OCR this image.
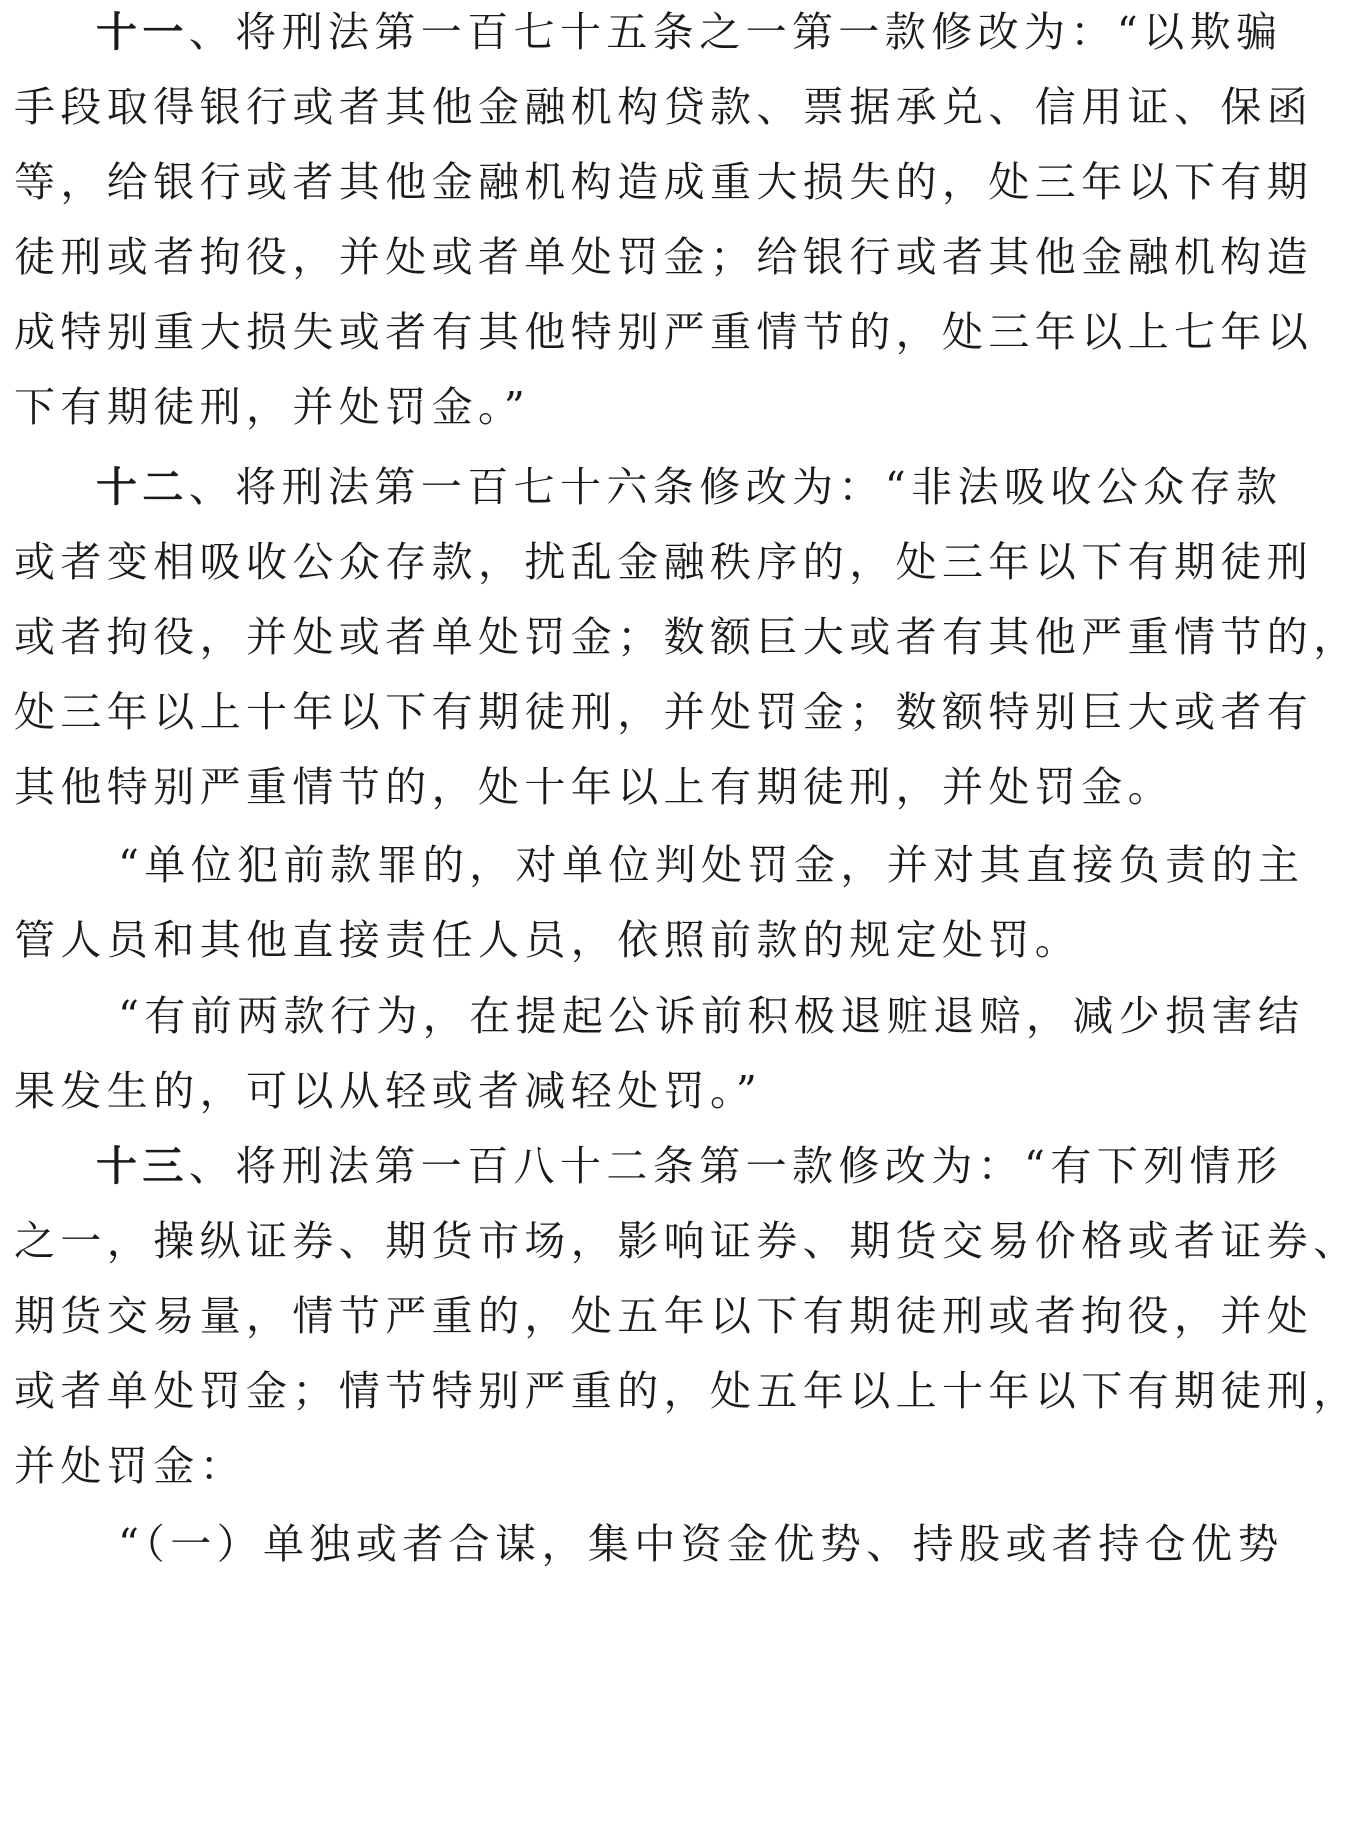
十一、将刑法第一百七十五条之一第一款修改为：“以欺骗
手段取得银行或者其他金融机构贷款、票据承兑、信用证、保函
等，给银行或者其他金融机构造成重大损失的，处三年以下有期
徒刑或者拘役，并处或者单处罚金；给银行或者其他金融机构造
成特别重大损失或者有其他特别严重情节的，处三年以上七年以
下有期徒刑，并处罚金。”
十二、将刑法第一百七十六条修改为：“非法吸收公众存款
或者变相吸收公众存款，扰乱金融秩序的，处三年以下有期徒刑
或者拘役，并处或者单处罚金；数额巨大或者有其他严重情节的，
处三年以上十年以下有期徒刑，并处罚金；数额特别巨大或者有
其他特别严重情节的，处十年以上有期徒刑，并处罚金。
“单位犯前款罪的，对单位判处罚金，并对其直接负责的主
管人员和其他直接责任人员，依照前款的规定处罚。
“有前两款行为，在提起公诉前积极退赃退赔，减少损害结
果发生的，可以从轻或者减轻处罚。”
十三、将刑法第一百八十二条第一款修改为：“有下列情形
之一，操纵证券、期货市场，影响证券、期货交易价格或者证券、
期货交易量，情节严重的，处五年以下有期徒刑或者拘役，并处
或者单处罚金；情节特别严重的，处五年以上十年以下有期徒刑，
并处罚金：
“（一）单独或者合谋，集中资金优势、持股或者持仓优势
